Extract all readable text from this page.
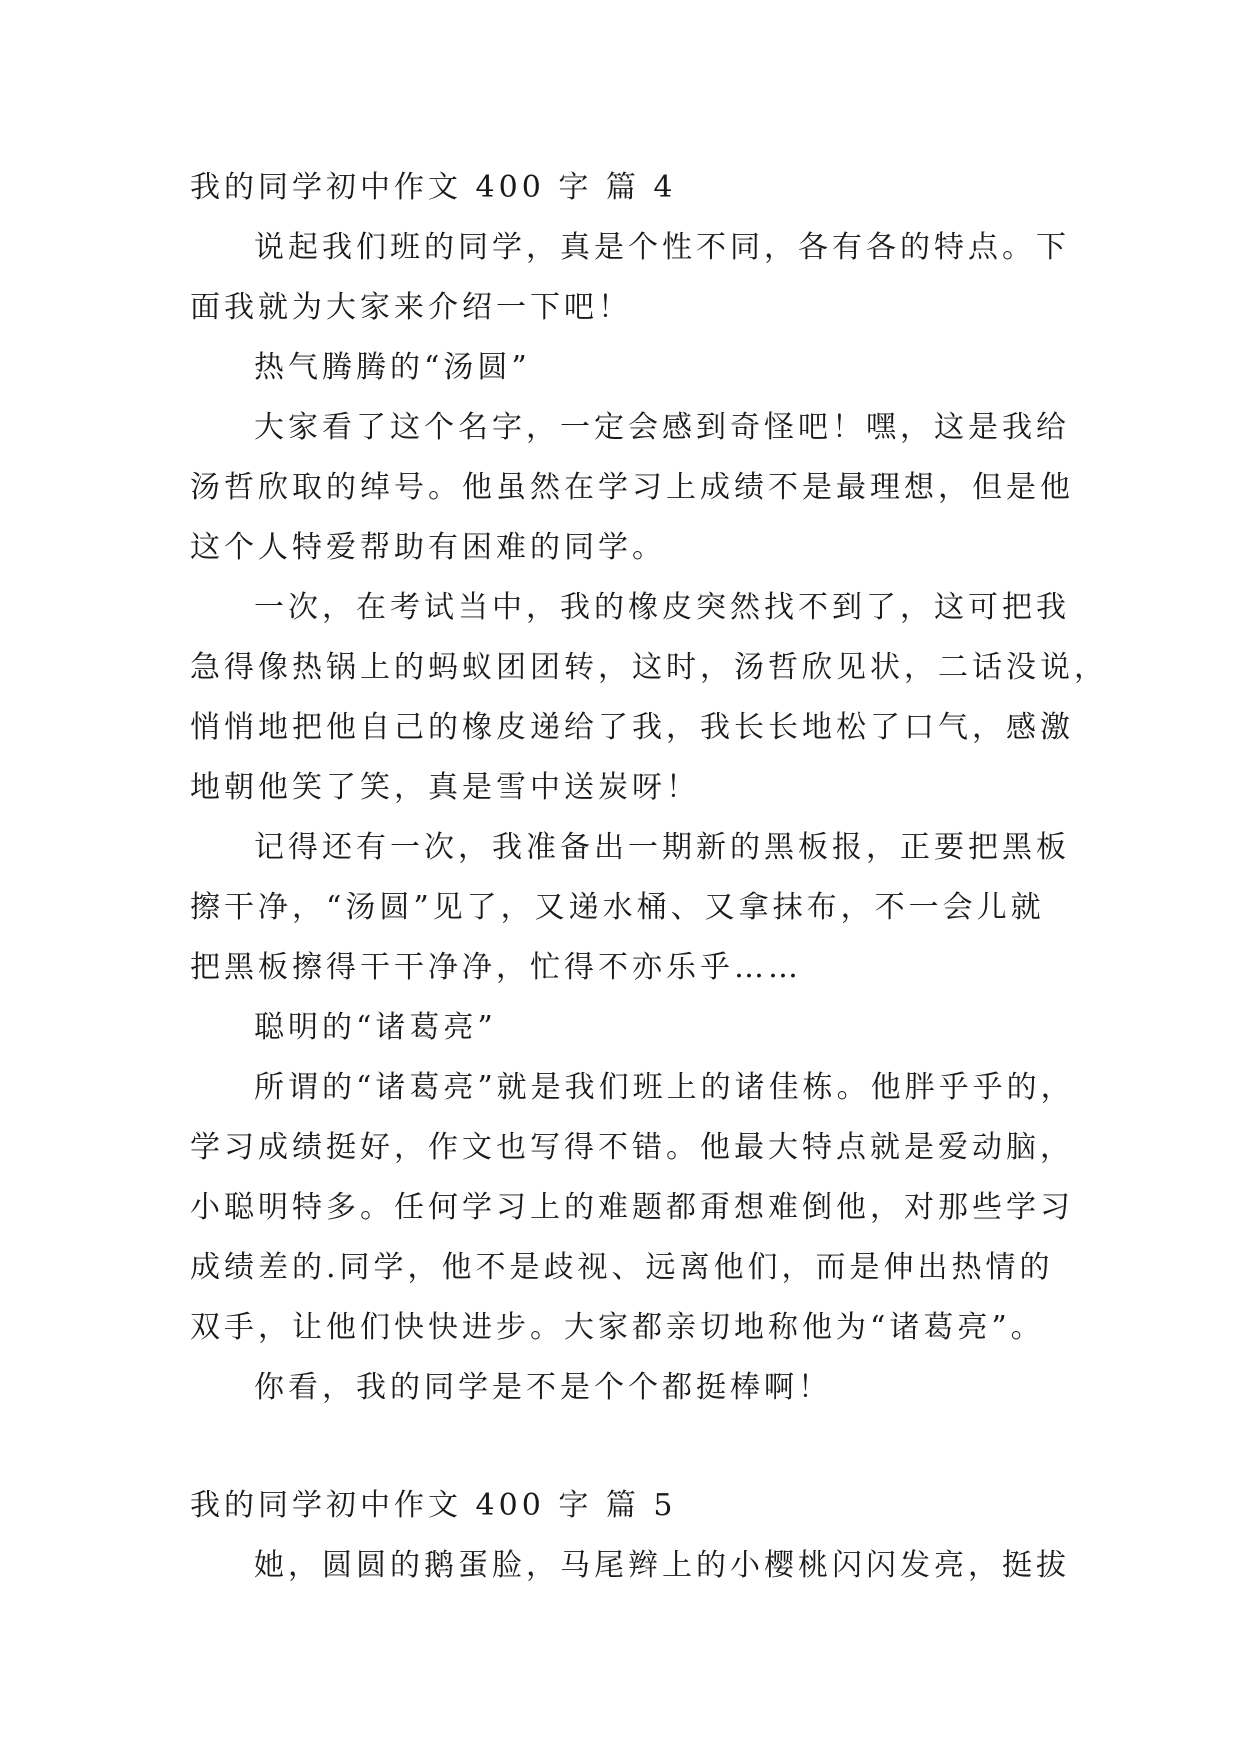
我的同学初中作文 400 字 篇 4
说起我们班的同学，真是个性不同，各有各的特点。下
面我就为大家来介绍一下吧！
热气腾腾的“汤圆”
大家看了这个名字，一定会感到奇怪吧！嘿，这是我给
汤哲欣取的绰号。他虽然在学习上成绩不是最理想，但是他
这个人特爱帮助有困难的同学。
一次，在考试当中，我的橡皮突然找不到了，这可把我
急得像热锅上的蚂蚁团团转，这时，汤哲欣见状，二话没说，
悄悄地把他自己的橡皮递给了我，我长长地松了口气，感激
地朝他笑了笑，真是雪中送炭呀！
记得还有一次，我准备出一期新的黑板报，正要把黑板
擦干净，“汤圆”见了，又递水桶、又拿抹布，不一会儿就
把黑板擦得干干净净，忙得不亦乐乎……
聪明的“诸葛亮”
所谓的“诸葛亮”就是我们班上的诸佳栋。他胖乎乎的，
学习成绩挺好，作文也写得不错。他最大特点就是爱动脑，
小聪明特多。任何学习上的难题都甭想难倒他，对那些学习
成绩差的.同学，他不是歧视、远离他们，而是伸出热情的
双手，让他们快快进步。大家都亲切地称他为“诸葛亮”。
你看，我的同学是不是个个都挺棒啊！
我的同学初中作文 400 字 篇 5
她，圆圆的鹅蛋脸，马尾辫上的小樱桃闪闪发亮，挺拔
